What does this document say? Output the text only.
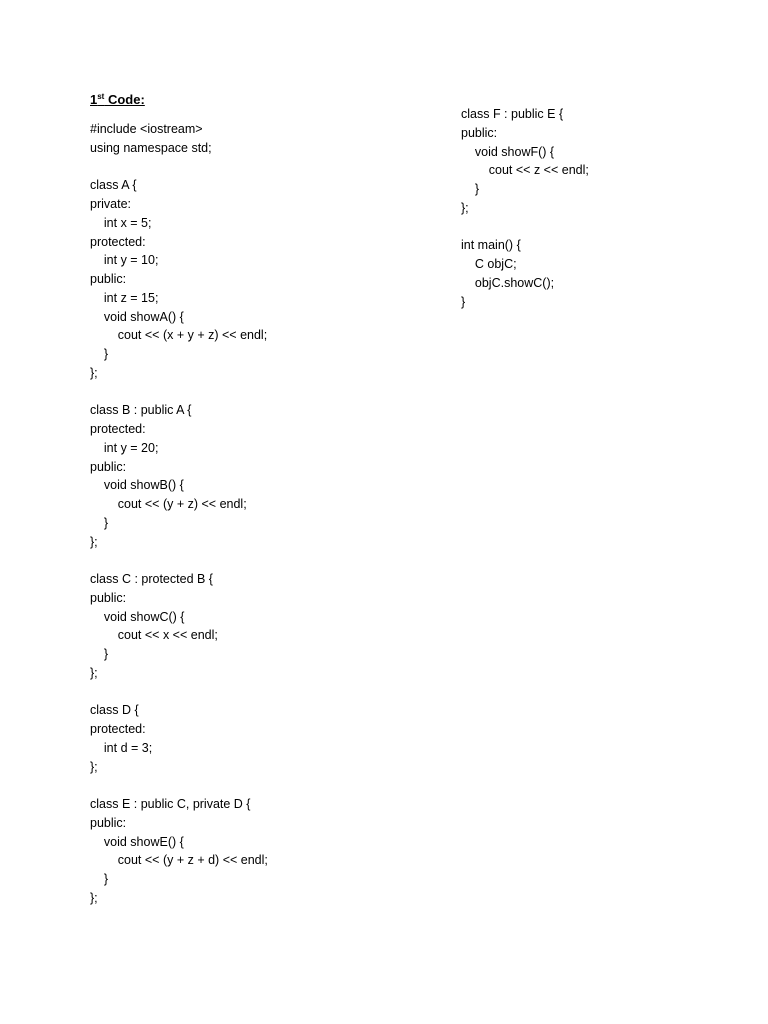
1st Code:
#include <iostream>
using namespace std;
class A {
private:
int x = 5;
protected:
int y = 10;
public:
int z = 15;
void showA() {
cout << (x + y + z) << endl;
}
};
class B : public A {
protected:
int y = 20;
public:
void showB() {
cout << (y + z) << endl;
}
};
class C : protected B {
public:
void showC() {
cout << x << endl;
}
};
class D {
protected:
int d = 3;
};
class E : public C, private D {
public:
void showE() {
cout << (y + z + d) << endl;
}
};
class F : public E {
public:
void showF() {
cout << z << endl;
}
};
int main() {
C objC;
objC.showC();
}
